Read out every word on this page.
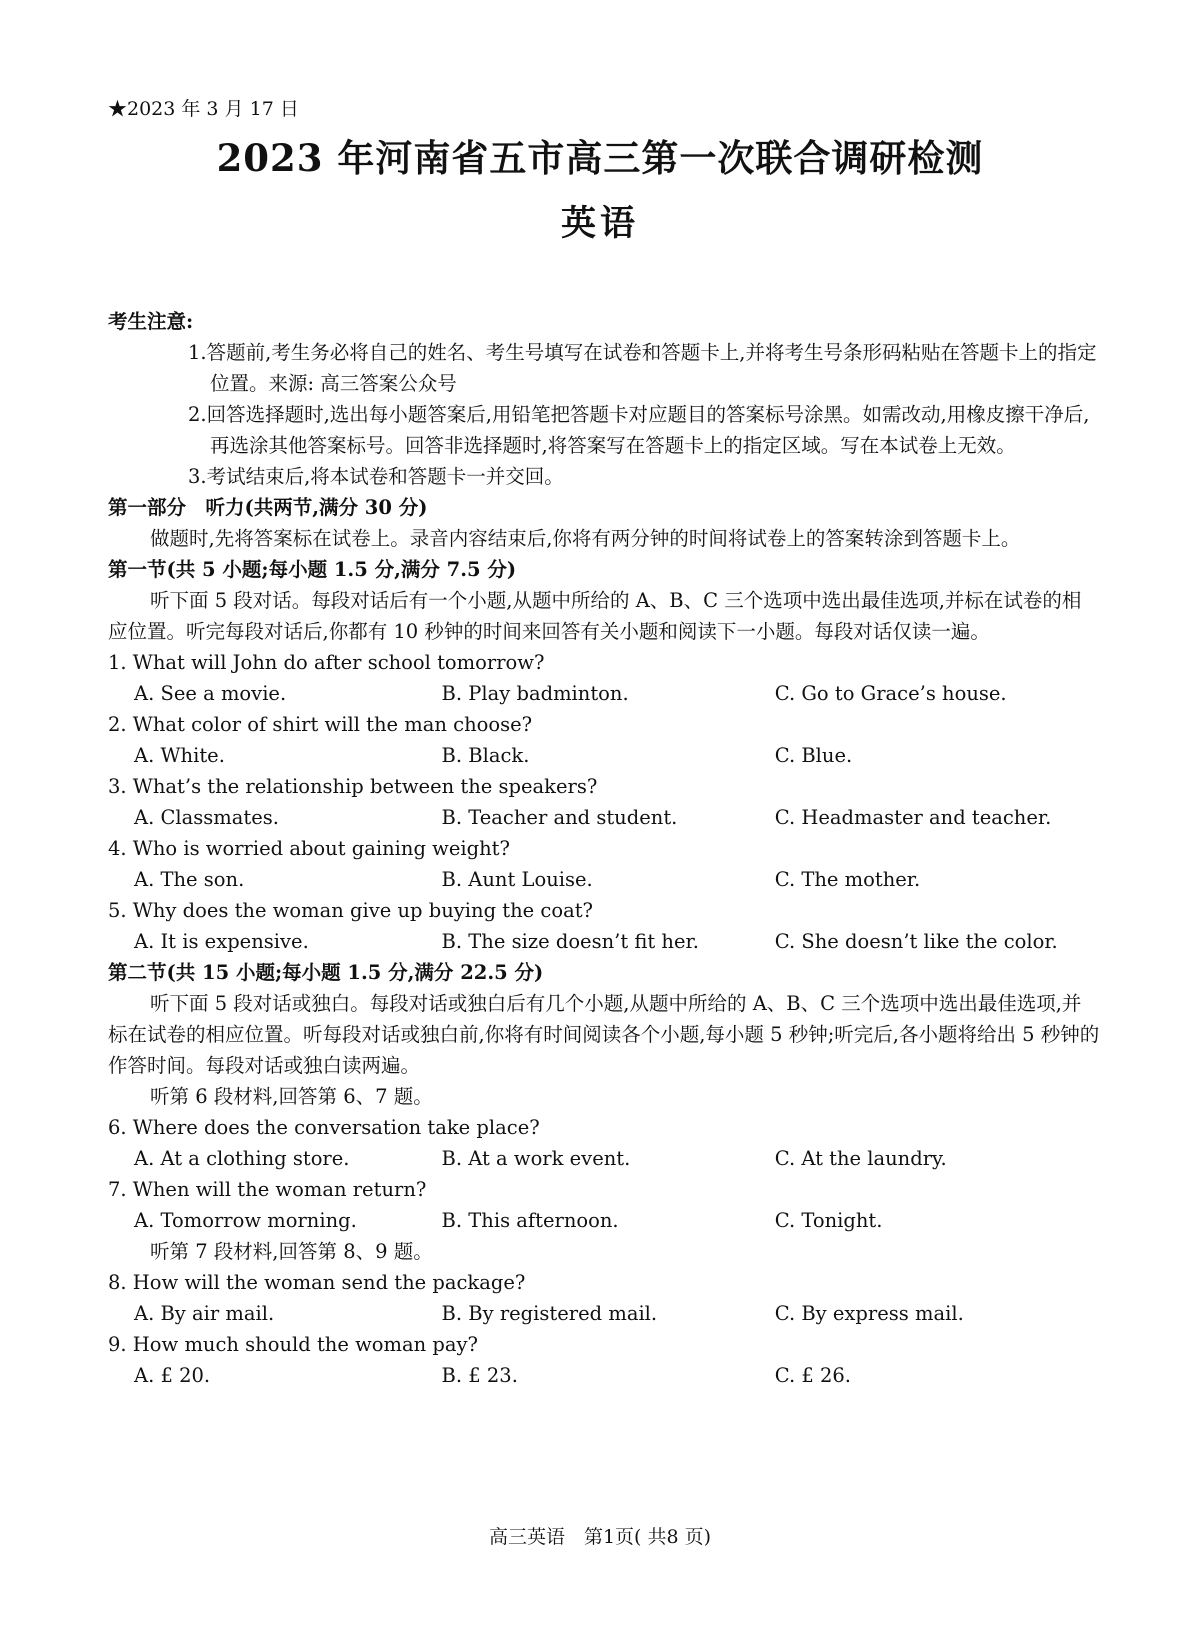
★2023 年 3 月 17 日
2023 年河南省五市高三第一次联合调研检测
英语
考生注意:
1.答题前,考生务必将自己的姓名、考生号填写在试卷和答题卡上,并将考生号条形码粘贴在答题卡上的指定位置。来源: 高三答案公众号
2.回答选择题时,选出每小题答案后,用铅笔把答题卡对应题目的答案标号涂黑。如需改动,用橡皮擦干净后,再选涂其他答案标号。回答非选择题时,将答案写在答题卡上的指定区域。写在本试卷上无效。
3.考试结束后,将本试卷和答题卡一并交回。
第一部分　听力(共两节,满分 30 分)
做题时,先将答案标在试卷上。录音内容结束后,你将有两分钟的时间将试卷上的答案转涂到答题卡上。
第一节(共 5 小题;每小题 1.5 分,满分 7.5 分)
听下面 5 段对话。每段对话后有一个小题,从题中所给的 A、B、C 三个选项中选出最佳选项,并标在试卷的相应位置。听完每段对话后,你都有 10 秒钟的时间来回答有关小题和阅读下一小题。每段对话仅读一遍。
1. What will John do after school tomorrow?
A. See a movie.	B. Play badminton.	C. Go to Grace’s house.
2. What color of shirt will the man choose?
A. White.	B. Black.	C. Blue.
3. What’s the relationship between the speakers?
A. Classmates.	B. Teacher and student.	C. Headmaster and teacher.
4. Who is worried about gaining weight?
A. The son.	B. Aunt Louise.	C. The mother.
5. Why does the woman give up buying the coat?
A. It is expensive.	B. The size doesn’t fit her.	C. She doesn’t like the color.
第二节(共 15 小题;每小题 1.5 分,满分 22.5 分)
听下面 5 段对话或独白。每段对话或独白后有几个小题,从题中所给的 A、B、C 三个选项中选出最佳选项,并标在试卷的相应位置。听每段对话或独白前,你将有时间阅读各个小题,每小题 5 秒钟;听完后,各小题将给出 5 秒钟的作答时间。每段对话或独白读两遍。
听第 6 段材料,回答第 6、7 题。
6. Where does the conversation take place?
A. At a clothing store.	B. At a work event.	C. At the laundry.
7. When will the woman return?
A. Tomorrow morning.	B. This afternoon.	C. Tonight.
听第 7 段材料,回答第 8、9 题。
8. How will the woman send the package?
A. By air mail.	B. By registered mail.	C. By express mail.
9. How much should the woman pay?
A. £ 20.	B. £ 23.	C. £ 26.
高三英语　第1页( 共8 页)
